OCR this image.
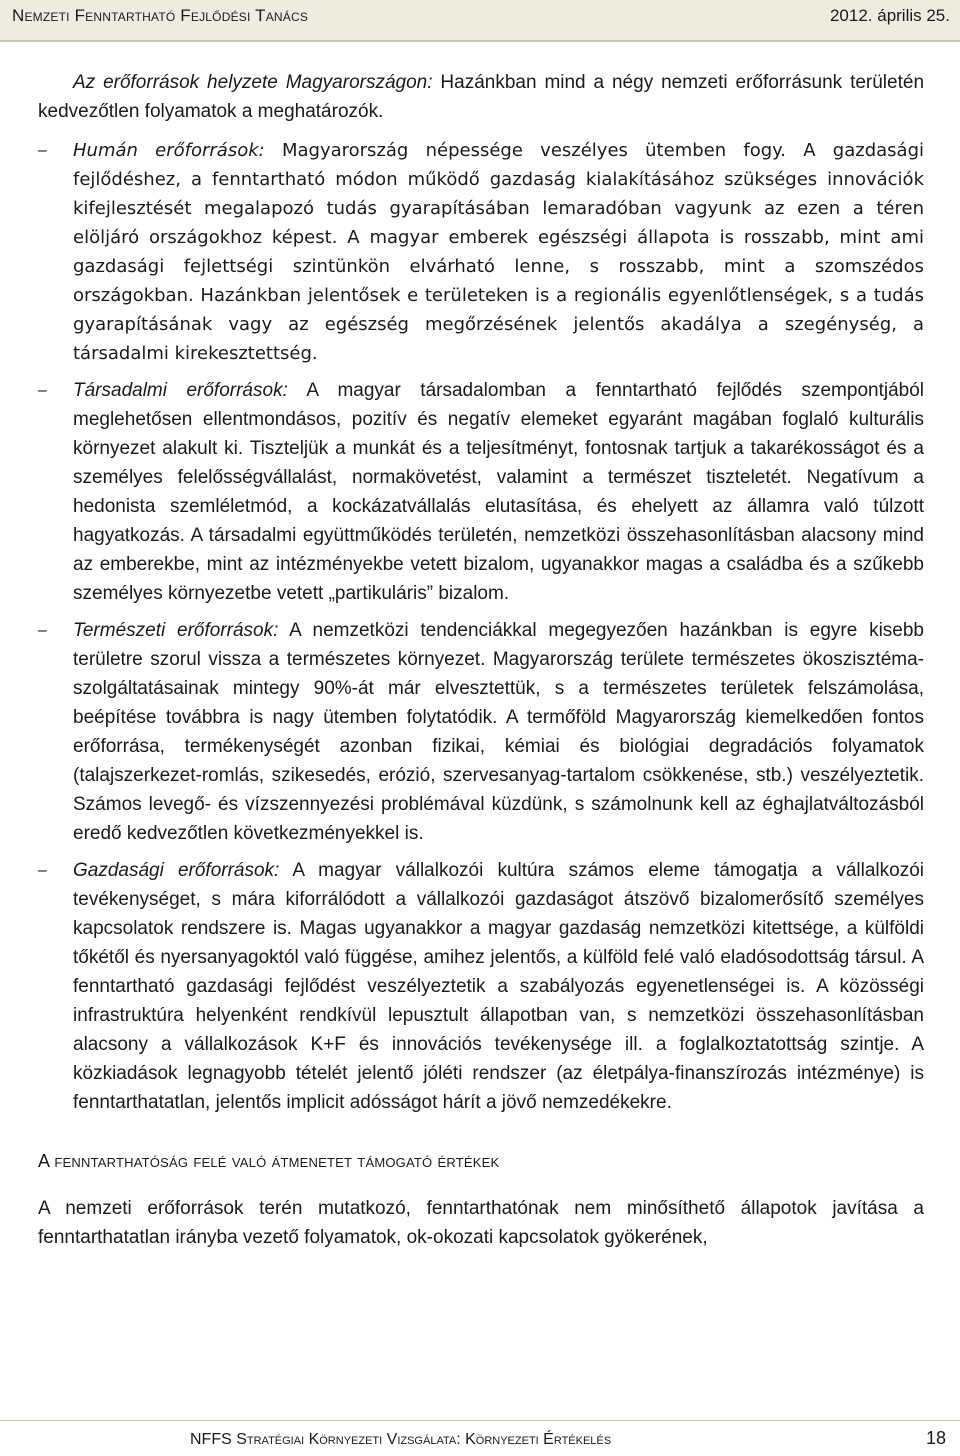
Nemzeti Fenntartható Fejlődési Tanács	2012. április 25.

Az erőforrások helyzete Magyarországon: Hazánkban mind a négy nemzeti erőforrásunk területén kedvezőtlen folyamatok a meghatározók.

– Humán erőforrások: Magyarország népessége veszélyes ütemben fogy. A gazdasági fejlődéshez, a fenntartható módon működő gazdaság kialakításához szükséges innovációk kifejlesztését megalapozó tudás gyarapításában lemaradóban vagyunk az ezen a téren elöljáró országokhoz képest. A magyar emberek egészségi állapota is rosszabb, mint ami gazdasági fejlettségi szintünkön elvárható lenne, s rosszabb, mint a szomszédos országokban. Hazánkban jelentősek e területeken is a regionális egyenlőtlenségek, s a tudás gyarapításának vagy az egészség megőrzésének jelentős akadálya a szegénység, a társadalmi kirekesztettség.

– Társadalmi erőforrások: A magyar társadalomban a fenntartható fejlődés szempontjából meglehetősen ellentmondásos, pozitív és negatív elemeket egyaránt magában foglaló kulturális környezet alakult ki. Tiszteljük a munkát és a teljesítményt, fontosnak tartjuk a takarékosságot és a személyes felelősségvállalást, normakövetést, valamint a természet tiszteletét. Negatívum a hedonista szemléletmód, a kockázatvállalás elutasítása, és ehelyett az államra való túlzott hagyatkozás. A társadalmi együttműködés területén, nemzetközi összehasonlításban alacsony mind az emberekbe, mint az intézményekbe vetett bizalom, ugyanakkor magas a családba és a szűkebb személyes környezetbe vetett „partikuláris” bizalom.

– Természeti erőforrások: A nemzetközi tendenciákkal megegyezően hazánkban is egyre kisebb területre szorul vissza a természetes környezet. Magyarország területe természetes ökoszisztéma-szolgáltatásainak mintegy 90%-át már elvesztettük, s a természetes területek felszámolása, beépítése továbbra is nagy ütemben folytatódik. A termőföld Magyarország kiemelkedően fontos erőforrása, termékenységét azonban fizikai, kémiai és biológiai degradációs folyamatok (talajszerkezet-romlás, szikesedés, erózió, szervesanyag-tartalom csökkenése, stb.) veszélyeztetik. Számos levegő- és vízszennyezési problémával küzdünk, s számolnunk kell az éghajlatváltozásból eredő kedvezőtlen következményekkel is.

– Gazdasági erőforrások: A magyar vállalkozói kultúra számos eleme támogatja a vállalkozói tevékenységet, s mára kiforrálódott a vállalkozói gazdaságot átszövő bizalomerősítő személyes kapcsolatok rendszere is. Magas ugyanakkor a magyar gazdaság nemzetközi kitettsége, a külföldi tőkétől és nyersanyagoktól való függése, amihez jelentős, a külföld felé való eladósodottság társul. A fenntartható gazdasági fejlődést veszélyeztetik a szabályozás egyenetlenségei is. A közösségi infrastruktúra helyenként rendkívül lepusztult állapotban van, s nemzetközi összehasonlításban alacsony a vállalkozások K+F és innovációs tevékenysége ill. a foglalkoztatottság szintje. A közkiadások legnagyobb tételét jelentő jóléti rendszer (az életpálya-finanszírozás intézménye) is fenntarthatatlan, jelentős implicit adósságot hárít a jövő nemzedékekre.

A fenntarthatóság felé való átmenetet támogató értékek

A nemzeti erőforrások terén mutatkozó, fenntarthatónak nem minősíthető állapotok javítása a fenntarthatatlan irányba vezető folyamatok, ok-okozati kapcsolatok gyökerének,

NFFS Stratégiai Környezeti Vizsgálata: Környezeti Értékelés	18
